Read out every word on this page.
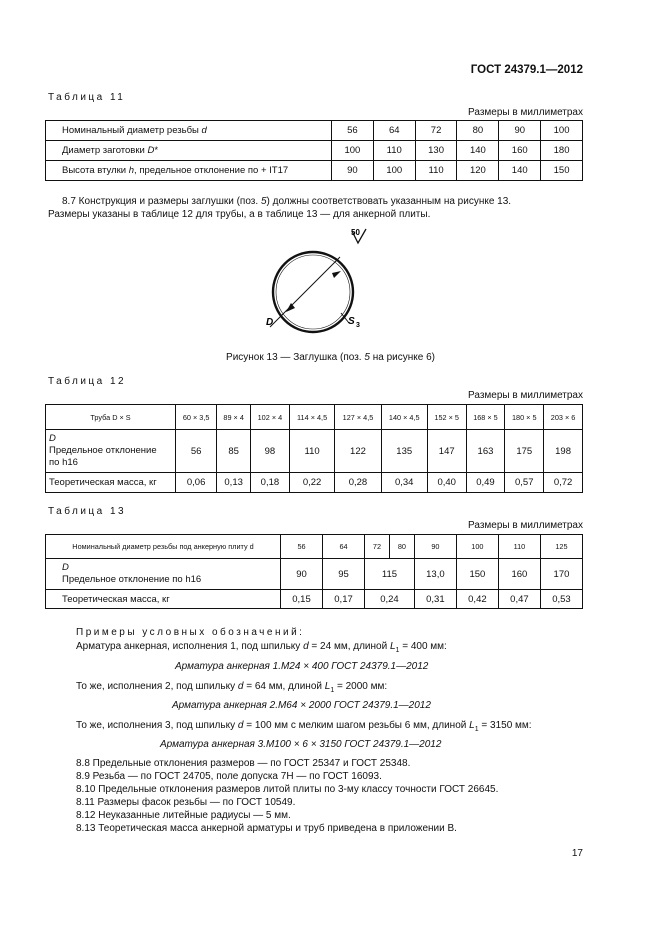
ГОСТ 24379.1—2012
Таблица 11
Размеры в миллиметрах
Номинальный диаметр резьбы d	56	64	72	80	90	100
Диаметр заготовки D*	100	110	130	140	160	180
Высота втулки h, предельное отклонение по + IT17	90	100	110	120	140	150

8.7 Конструкция и размеры заглушки (поз. 5) должны соответствовать указанным на рисунке 13.

Размеры указаны в таблице 12 для трубы, а в таблице 13 — для анкерной плиты.

50
D	S 3
Рисунок 13 — Заглушка (поз. 5 на рисунке 6)
Таблица 12
Размеры в миллиметрах
Труба D × S	60 × 3,5	89 × 4	102 × 4	114 × 4,5	127 × 4,5	140 × 4,5	152 × 5	168 × 5	180 × 5	203 × 6
D
Предельное отклонение
по h16	56	85	98	110	122	135	147	163	175	198
Теоретическая масса, кг	0,06	0,13	0,18	0,22	0,28	0,34	0,40	0,49	0,57	0,72
Таблица 13
Размеры в миллиметрах
Номинальный диаметр резьбы под анкерную плиту d	56	64	72	80	90	100	110	125
D
Предельное отклонение по h16	90	95	115		13,0	150	160	170
Теоретическая масса, кг	0,15	0,17	0,24		0,31	0,42	0,47	0,53

Примеры условных обозначений:

Арматура анкерная, исполнения 1, под шпильку d = 24 мм, длиной $L_1 = 400$ мм:

Арматура анкерная 1.М24 × 400 ГОСТ 24379.1—2012

То же, исполнения 2, под шпильку d = 64 мм, длиной $L_1 = 2000$ мм:

Арматура анкерная 2.М64 × 2000 ГОСТ 24379.1—2012

То же, исполнения 3, под шпильку d = 100 мм с мелким шагом резьбы 6 мм, длиной $L_1 = 3150$ мм:

Арматура анкерная 3.М100 × 6 × 3150 ГОСТ 24379.1—2012

8.8 Предельные отклонения размеров — по ГОСТ 25347 и ГОСТ 25348.

8.9 Резьба — по ГОСТ 24705, поле допуска 7Н — по ГОСТ 16093.

8.10 Предельные отклонения размеров литой плиты по 3-му классу точности ГОСТ 26645.

8.11 Размеры фасок резьбы — по ГОСТ 10549.

8.12 Неуказанные литейные радиусы — 5 мм.

8.13 Теоретическая масса анкерной арматуры и труб приведена в приложении В.

17
